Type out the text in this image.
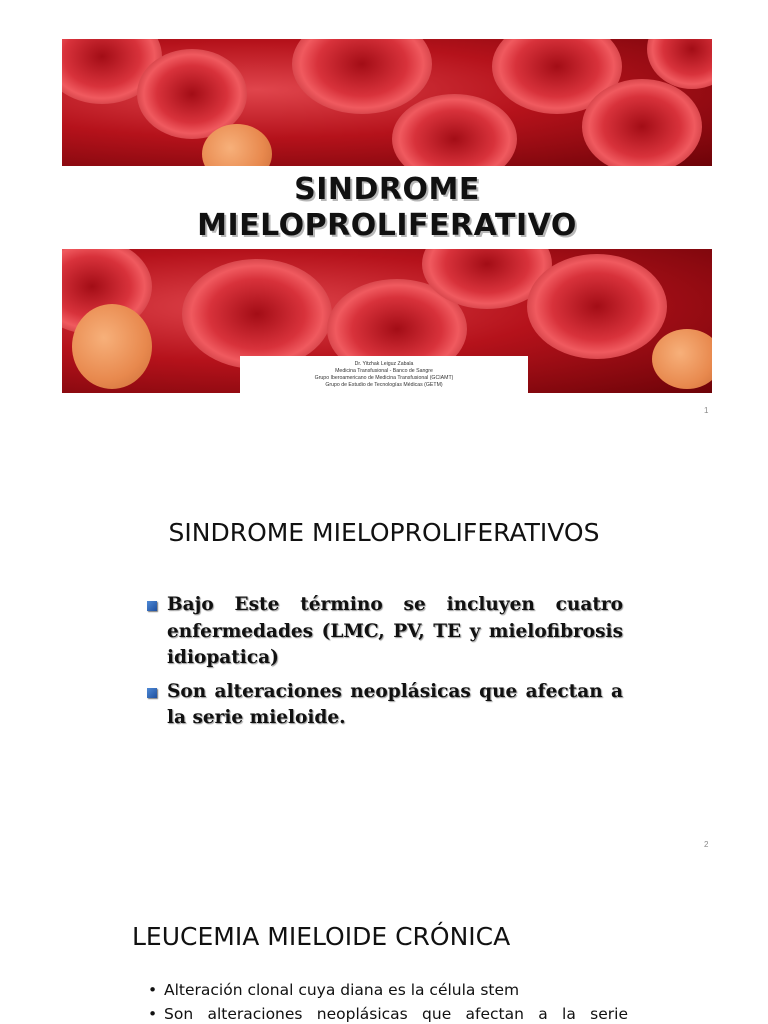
SINDROME
MIELOPROLIFERATIVO
Dr. Yitzhak Leiguz Zabala
Medicina Transfusional - Banco de Sangre
Grupo Iberoamericano de Medicina Transfusional (GCIAMT)
Grupo de Estudio de Tecnologías Médicas (GETM)
1
SINDROME MIELOPROLIFERATIVOS
Bajo Este término se incluyen cuatro enfermedades (LMC, PV, TE y mielofibrosis idiopatica)
Son alteraciones neoplásicas que afectan a la serie mieloide.
2
LEUCEMIA MIELOIDE CRÓNICA
• Alteración clonal cuya diana es la célula stem
• Son alteraciones neoplásicas que afectan a la serie
